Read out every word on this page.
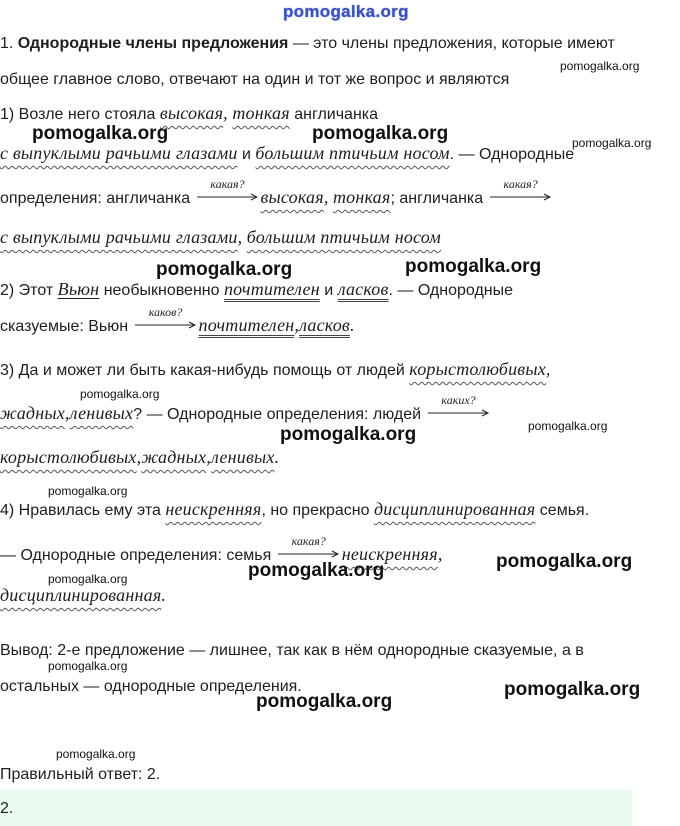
pomogalka.org
1. Однородные члены предложения — это члены предложения, которые имеют
общее главное слово, отвечают на один и тот же вопрос и являются
1) Возле него стояла высокая, тонкая англичанка
с выпуклыми рачьими глазами и большим птичьим носом. — Однородные
определения: англичанка
какая?
высокая, тонкая; англичанка
какая?
с выпуклыми рачьими глазами, большим птичьим носом
2) Этот Вьюн необыкновенно почтителен и ласков. — Однородные
сказуемые: Вьюн
каков?
почтителен,ласков.
3) Да и может ли быть какая-нибудь помощь от людей корыстолюбивых,
жадных,ленивых? — Однородные определения: людей
каких?
корыстолюбивых,жадных,ленивых.
4) Нравилась ему эта неискренняя, но прекрасно дисциплинированная семья.
— Однородные определения: семья
какая?
неискренняя,
дисциплинированная.
Вывод: 2-е предложение — лишнее, так как в нём однородные сказуемые, а в
остальных — однородные определения.
Правильный ответ: 2.
2.
pomogalka.org
pomogalka.org	pomogalka.org	pomogalka.org
pomogalka.org	pomogalka.org
pomogalka.org
pomogalka.org	pomogalka.org
pomogalka.org
pomogalka.org
pomogalka.org
pomogalka.org
pomogalka.org
pomogalka.org
pomogalka.org
pomogalka.org
